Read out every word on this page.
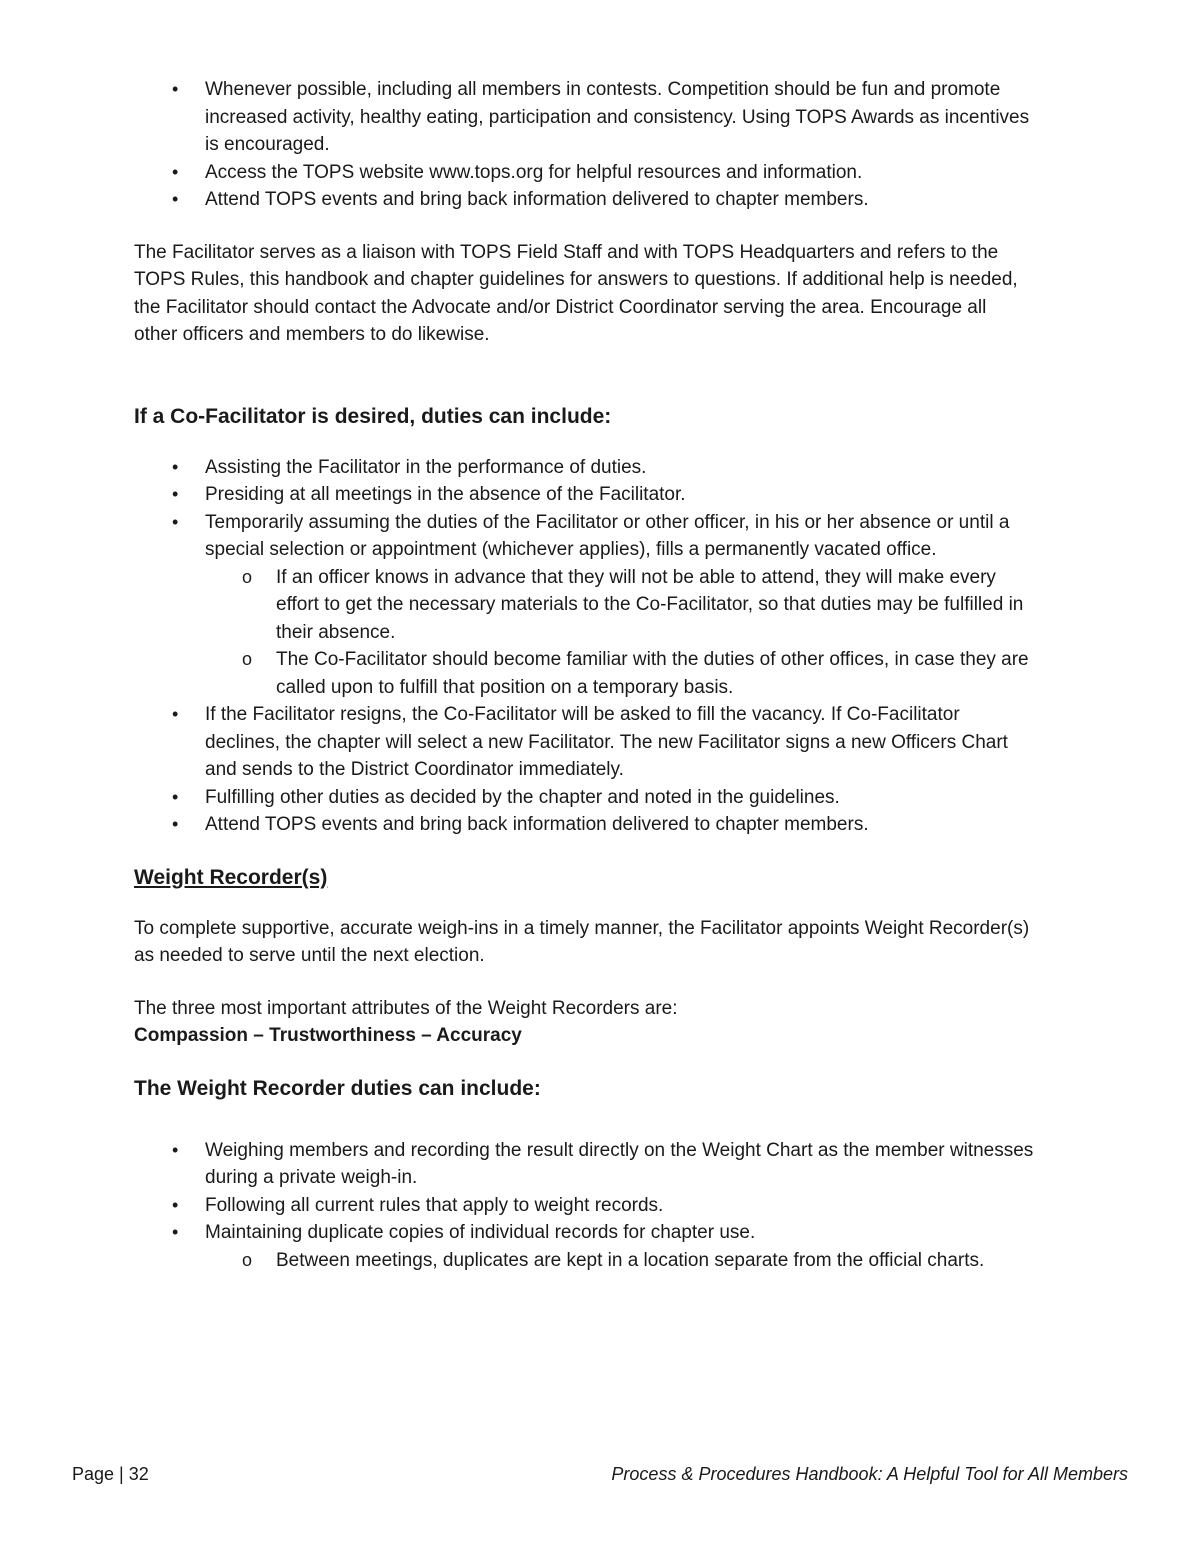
• Whenever possible, including all members in contests. Competition should be fun and promote increased activity, healthy eating, participation and consistency. Using TOPS Awards as incentives is encouraged.
• Access the TOPS website www.tops.org for helpful resources and information.
• Attend TOPS events and bring back information delivered to chapter members.

The Facilitator serves as a liaison with TOPS Field Staff and with TOPS Headquarters and refers to the TOPS Rules, this handbook and chapter guidelines for answers to questions. If additional help is needed, the Facilitator should contact the Advocate and/or District Coordinator serving the area. Encourage all other officers and members to do likewise.

If a Co-Facilitator is desired, duties can include:
• Assisting the Facilitator in the performance of duties.
• Presiding at all meetings in the absence of the Facilitator.
• Temporarily assuming the duties of the Facilitator or other officer, in his or her absence or until a special selection or appointment (whichever applies), fills a permanently vacated office.
o If an officer knows in advance that they will not be able to attend, they will make every effort to get the necessary materials to the Co-Facilitator, so that duties may be fulfilled in their absence.
o The Co-Facilitator should become familiar with the duties of other offices, in case they are called upon to fulfill that position on a temporary basis.
• If the Facilitator resigns, the Co-Facilitator will be asked to fill the vacancy. If Co-Facilitator declines, the chapter will select a new Facilitator. The new Facilitator signs a new Officers Chart and sends to the District Coordinator immediately.
• Fulfilling other duties as decided by the chapter and noted in the guidelines.
• Attend TOPS events and bring back information delivered to chapter members.
Weight Recorder(s)

To complete supportive, accurate weigh-ins in a timely manner, the Facilitator appoints Weight Recorder(s) as needed to serve until the next election.

The three most important attributes of the Weight Recorders are:

Compassion – Trustworthiness – Accuracy

The Weight Recorder duties can include:
• Weighing members and recording the result directly on the Weight Chart as the member witnesses during a private weigh-in.
• Following all current rules that apply to weight records.
• Maintaining duplicate copies of individual records for chapter use.
o Between meetings, duplicates are kept in a location separate from the official charts.
Page | 32	Process & Procedures Handbook: A Helpful Tool for All Members
